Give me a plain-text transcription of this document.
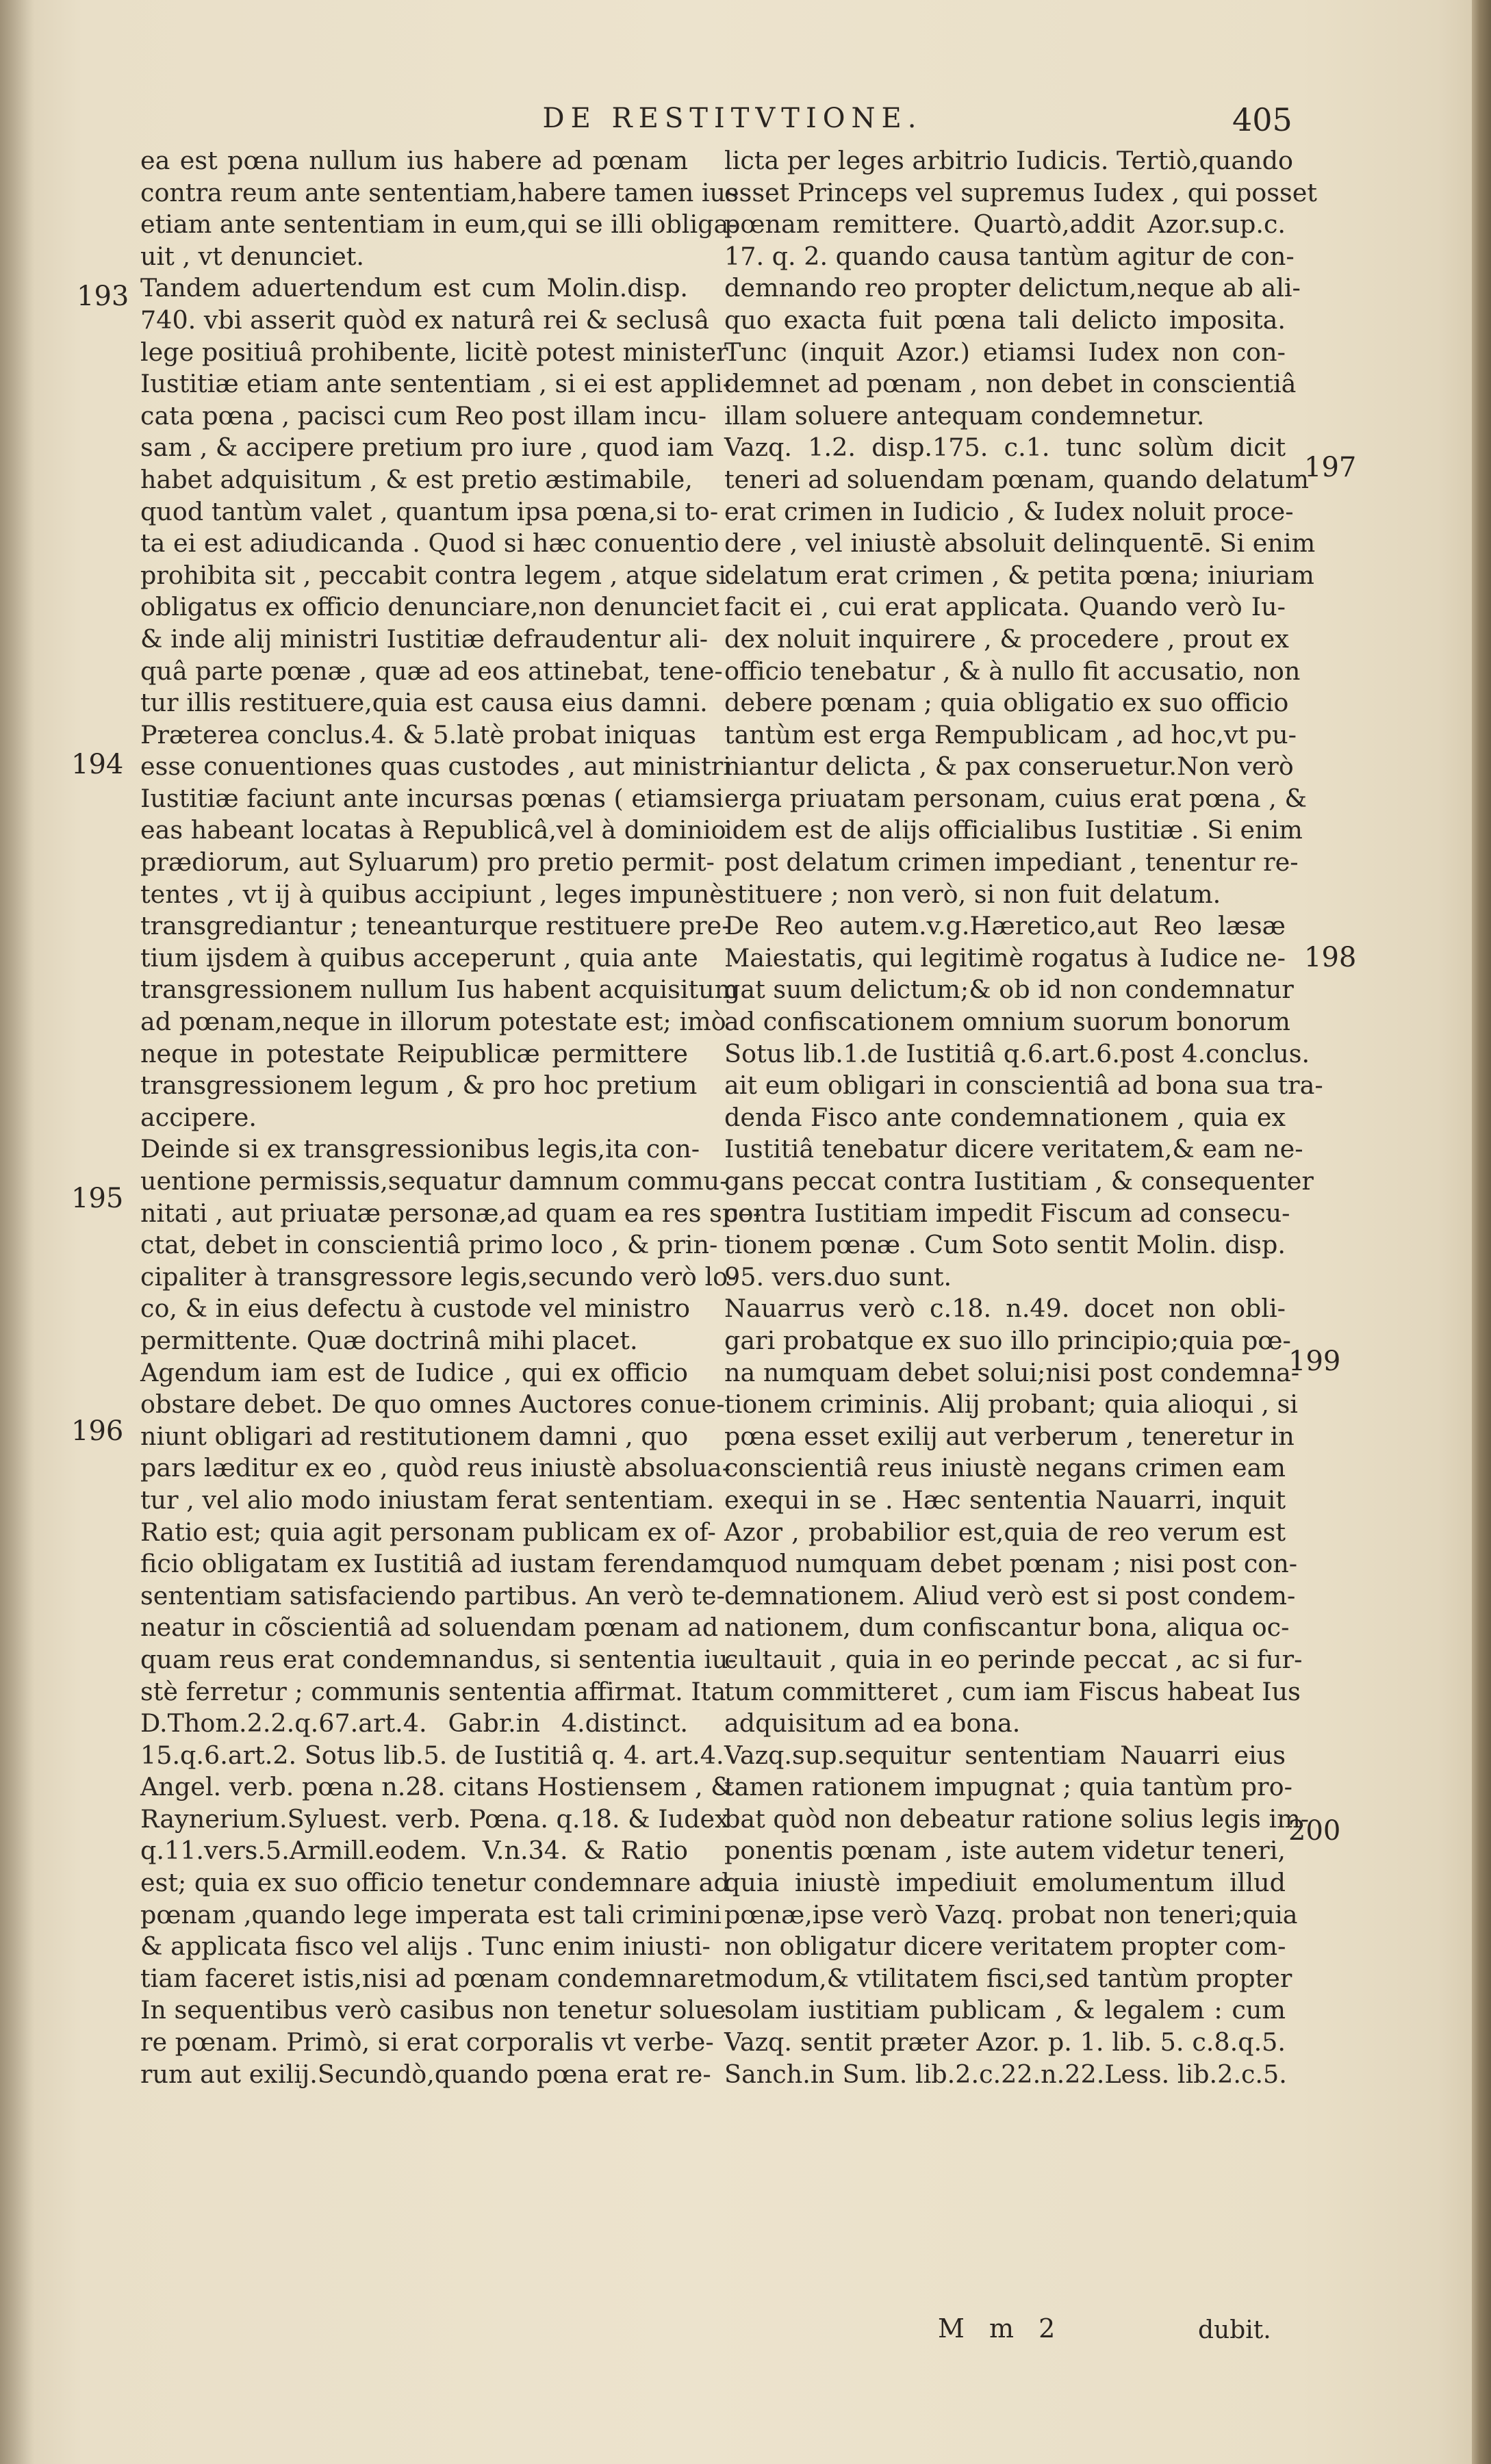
DE RESTITVTIONE.	405
ea est pœna nullum ius habere ad pœnam
contra reum ante sententiam,habere tamen ius
etiam ante sententiam in eum,qui se illi obliga-
uit , vt denunciet.
Tandem aduertendum est cum Molin.disp.
740. vbi asserit quòd ex naturâ rei & seclusâ
lege positiuâ prohibente, licitè potest minister
Iustitiæ etiam ante sententiam , si ei est appli-
cata pœna , pacisci cum Reo post illam incu-
sam , & accipere pretium pro iure , quod iam
habet adquisitum , & est pretio æstimabile,
quod tantùm valet , quantum ipsa pœna,si to-
ta ei est adiudicanda . Quod si hæc conuentio
prohibita sit , peccabit contra legem , atque si
obligatus ex officio denunciare,non denunciet
& inde alij ministri Iustitiæ defraudentur ali-
quâ parte pœnæ , quæ ad eos attinebat, tene-
tur illis restituere,quia est causa eius damni.
Præterea conclus.4. & 5.latè probat iniquas
esse conuentiones quas custodes , aut ministri
Iustitiæ faciunt ante incursas pœnas ( etiamsi
eas habeant locatas à Republicâ,vel à dominio
prædiorum, aut Syluarum) pro pretio permit-
tentes , vt ij à quibus accipiunt , leges impunè
transgrediantur ; teneanturque restituere pre-
tium ijsdem à quibus acceperunt , quia ante
transgressionem nullum Ius habent acquisitum
ad pœnam,neque in illorum potestate est; imò
neque in potestate Reipublicæ permittere
transgressionem legum , & pro hoc pretium
accipere.
Deinde si ex transgressionibus legis,ita con-
uentione permissis,sequatur damnum commu-
nitati , aut priuatæ personæ,ad quam ea res spe-
ctat, debet in conscientiâ primo loco , & prin-
cipaliter à transgressore legis,secundo verò lo-
co, & in eius defectu à custode vel ministro
permittente. Quæ doctrinâ mihi placet.
Agendum iam est de Iudice , qui ex officio
obstare debet. De quo omnes Auctores conue-
niunt obligari ad restitutionem damni , quo
pars læditur ex eo , quòd reus iniustè absolua-
tur , vel alio modo iniustam ferat sententiam.
Ratio est; quia agit personam publicam ex of-
ficio obligatam ex Iustitiâ ad iustam ferendam
sententiam satisfaciendo partibus. An verò te-
neatur in cõscientiâ ad soluendam pœnam ad
quam reus erat condemnandus, si sententia iu-
stè ferretur ; communis sententia affirmat. Ita
D.Thom.2.2.q.67.art.4. Gabr.in 4.distinct.
15.q.6.art.2. Sotus lib.5. de Iustitiâ q. 4. art.4.
Angel. verb. pœna n.28. citans Hostiensem , &
Raynerium.Syluest. verb. Pœna. q.18. & Iudex
q.11.vers.5.Armill.eodem. V.n.34. & Ratio
est; quia ex suo officio tenetur condemnare ad
pœnam ,quando lege imperata est tali crimini
& applicata fisco vel alijs . Tunc enim iniusti-
tiam faceret istis,nisi ad pœnam condemnaret.
In sequentibus verò casibus non tenetur solue-
re pœnam. Primò, si erat corporalis vt verbe-
rum aut exilij.Secundò,quando pœna erat re-
licta per leges arbitrio Iudicis. Tertiò,quando
esset Princeps vel supremus Iudex , qui posset
pœnam remittere. Quartò,addit Azor.sup.c.
17. q. 2. quando causa tantùm agitur de con-
demnando reo propter delictum,neque ab ali-
quo exacta fuit pœna tali delicto imposita.
Tunc (inquit Azor.) etiamsi Iudex non con-
demnet ad pœnam , non debet in conscientiâ
illam soluere antequam condemnetur.
Vazq. 1.2. disp.175. c.1. tunc solùm dicit
teneri ad soluendam pœnam, quando delatum
erat crimen in Iudicio , & Iudex noluit proce-
dere , vel iniustè absoluit delinquentē. Si enim
delatum erat crimen , & petita pœna; iniuriam
facit ei , cui erat applicata. Quando verò Iu-
dex noluit inquirere , & procedere , prout ex
officio tenebatur , & à nullo fit accusatio, non
debere pœnam ; quia obligatio ex suo officio
tantùm est erga Rempublicam , ad hoc,vt pu-
niantur delicta , & pax conseruetur.Non verò
erga priuatam personam, cuius erat pœna , &
idem est de alijs officialibus Iustitiæ . Si enim
post delatum crimen impediant , tenentur re-
stituere ; non verò, si non fuit delatum.
De Reo autem.v.g.Hæretico,aut Reo læsæ
Maiestatis, qui legitimè rogatus à Iudice ne-
gat suum delictum;& ob id non condemnatur
ad confiscationem omnium suorum bonorum
Sotus lib.1.de Iustitiâ q.6.art.6.post 4.conclus.
ait eum obligari in conscientiâ ad bona sua tra-
denda Fisco ante condemnationem , quia ex
Iustitiâ tenebatur dicere veritatem,& eam ne-
gans peccat contra Iustitiam , & consequenter
contra Iustitiam impedit Fiscum ad consecu-
tionem pœnæ . Cum Soto sentit Molin. disp.
95. vers.duo sunt.
Nauarrus verò c.18. n.49. docet non obli-
gari probatque ex suo illo principio;quia pœ-
na numquam debet solui;nisi post condemna-
tionem criminis. Alij probant; quia alioqui , si
pœna esset exilij aut verberum , teneretur in
conscientiâ reus iniustè negans crimen eam
exequi in se . Hæc sententia Nauarri, inquit
Azor , probabilior est,quia de reo verum est
quod numquam debet pœnam ; nisi post con-
demnationem. Aliud verò est si post condem-
nationem, dum confiscantur bona, aliqua oc-
cultauit , quia in eo perinde peccat , ac si fur-
tum committeret , cum iam Fiscus habeat Ius
adquisitum ad ea bona.
Vazq.sup.sequitur sententiam Nauarri eius
tamen rationem impugnat ; quia tantùm pro-
bat quòd non debeatur ratione solius legis im-
ponentis pœnam , iste autem videtur teneri,
quia iniustè impediuit emolumentum illud
pœnæ,ipse verò Vazq. probat non teneri;quia
non obligatur dicere veritatem propter com-
modum,& vtilitatem fisci,sed tantùm propter
solam iustitiam publicam , & legalem : cum
Vazq. sentit præter Azor. p. 1. lib. 5. c.8.q.5.
Sanch.in Sum. lib.2.c.22.n.22.Less. lib.2.c.5.
193
194
195
196
197
198
199
200
M m 2	dubit.
